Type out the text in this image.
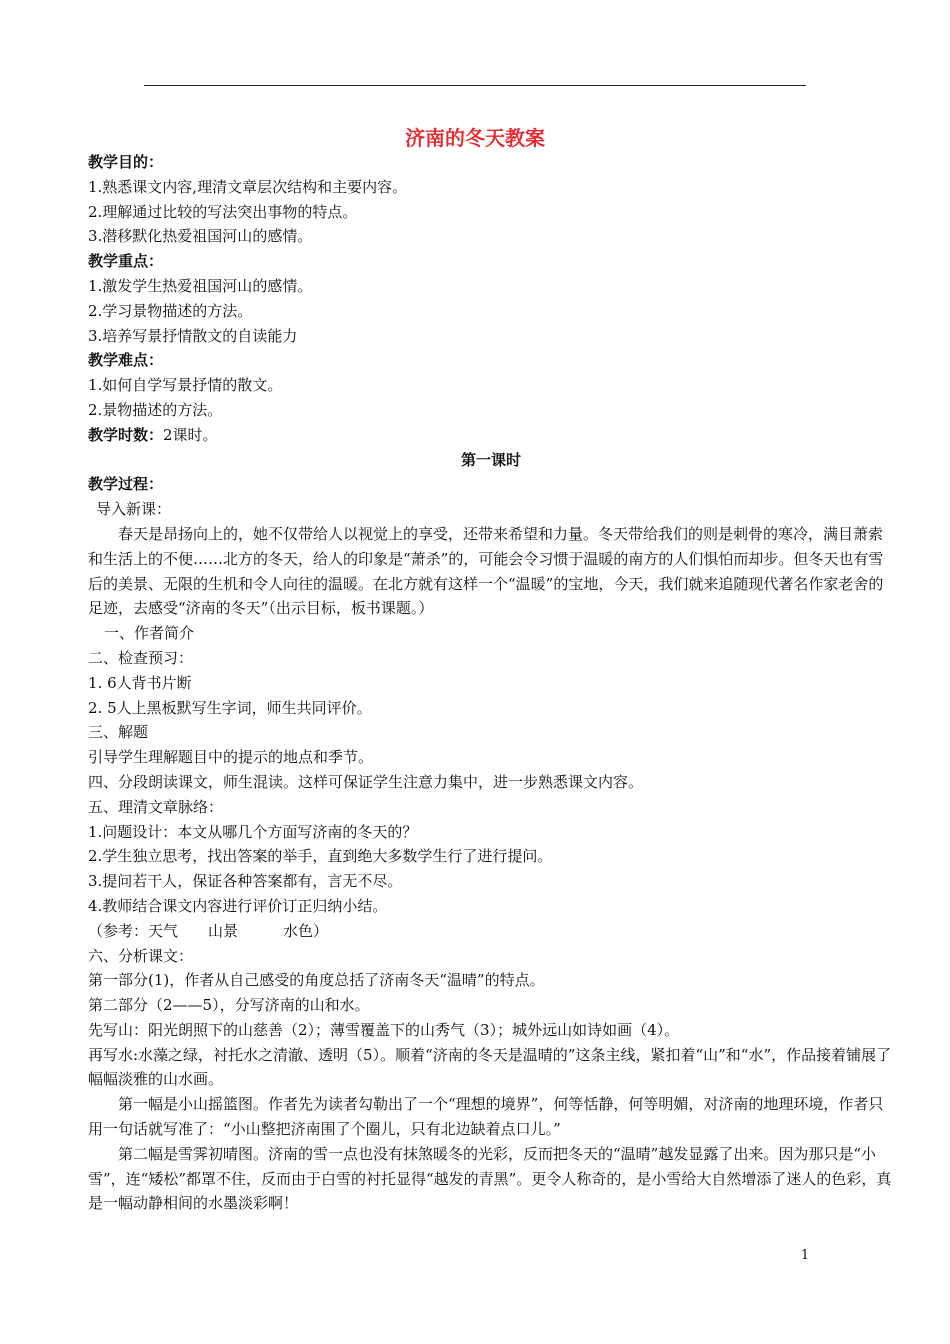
济南的冬天教案

教学目的：

1.熟悉课文内容,理清文章层次结构和主要内容。

2.理解通过比较的写法突出事物的特点。

3.潜移默化热爱祖国河山的感情。

教学重点：

1.激发学生热爱祖国河山的感情。

2.学习景物描述的方法。

3.培养写景抒情散文的自读能力

教学难点：

1.如何自学写景抒情的散文。

2.景物描述的方法。

教学时数：2课时。

第一课时

教学过程：

导入新课：

春天是昂扬向上的，她不仅带给人以视觉上的享受，还带来希望和力量。冬天带给我们的则是刺骨的寒冷，满目萧索和生活上的不便……北方的冬天，给人的印象是“萧杀”的，可能会令习惯于温暖的南方的人们惧怕而却步。但冬天也有雪后的美景、无限的生机和令人向往的温暖。在北方就有这样一个“温暖”的宝地，今天，我们就来追随现代著名作家老舍的足迹，去感受“济南的冬天”（出示目标，板书课题。）

一、作者简介

二、检查预习：

1. 6人背书片断

2. 5人上黑板默写生字词，师生共同评价。

三、解题

引导学生理解题目中的提示的地点和季节。

四、分段朗读课文，师生混读。这样可保证学生注意力集中，进一步熟悉课文内容。

五、理清文章脉络：

1.问题设计：本文从哪几个方面写济南的冬天的？

2.学生独立思考，找出答案的举手，直到绝大多数学生行了进行提问。

3.提问若干人，保证各种答案都有，言无不尽。

4.教师结合课文内容进行评价订正归纳小结。

（参考：天气　　山景　　　水色）

六、分析课文：

第一部分(1)，作者从自己感受的角度总括了济南冬天“温晴”的特点。

第二部分（2——5），分写济南的山和水。

先写山：阳光朗照下的山慈善（2）；薄雪覆盖下的山秀气（3）；城外远山如诗如画（4）。

再写水:水藻之绿，衬托水之清澈、透明（5）。顺着“济南的冬天是温晴的”这条主线，紧扣着“山”和“水”，作品接着铺展了幅幅淡雅的山水画。

第一幅是小山摇篮图。作者先为读者勾勒出了一个“理想的境界”，何等恬静，何等明媚，对济南的地理环境，作者只用一句话就写准了：“小山整把济南围了个圈儿，只有北边缺着点口儿。”

第二幅是雪霁初晴图。济南的雪一点也没有抹煞暖冬的光彩，反而把冬天的“温晴”越发显露了出来。因为那只是“小雪”，连“矮松”都罩不住，反而由于白雪的衬托显得“越发的青黑”。更令人称奇的，是小雪给大自然增添了迷人的色彩，真是一幅动静相间的水墨淡彩啊！

1
